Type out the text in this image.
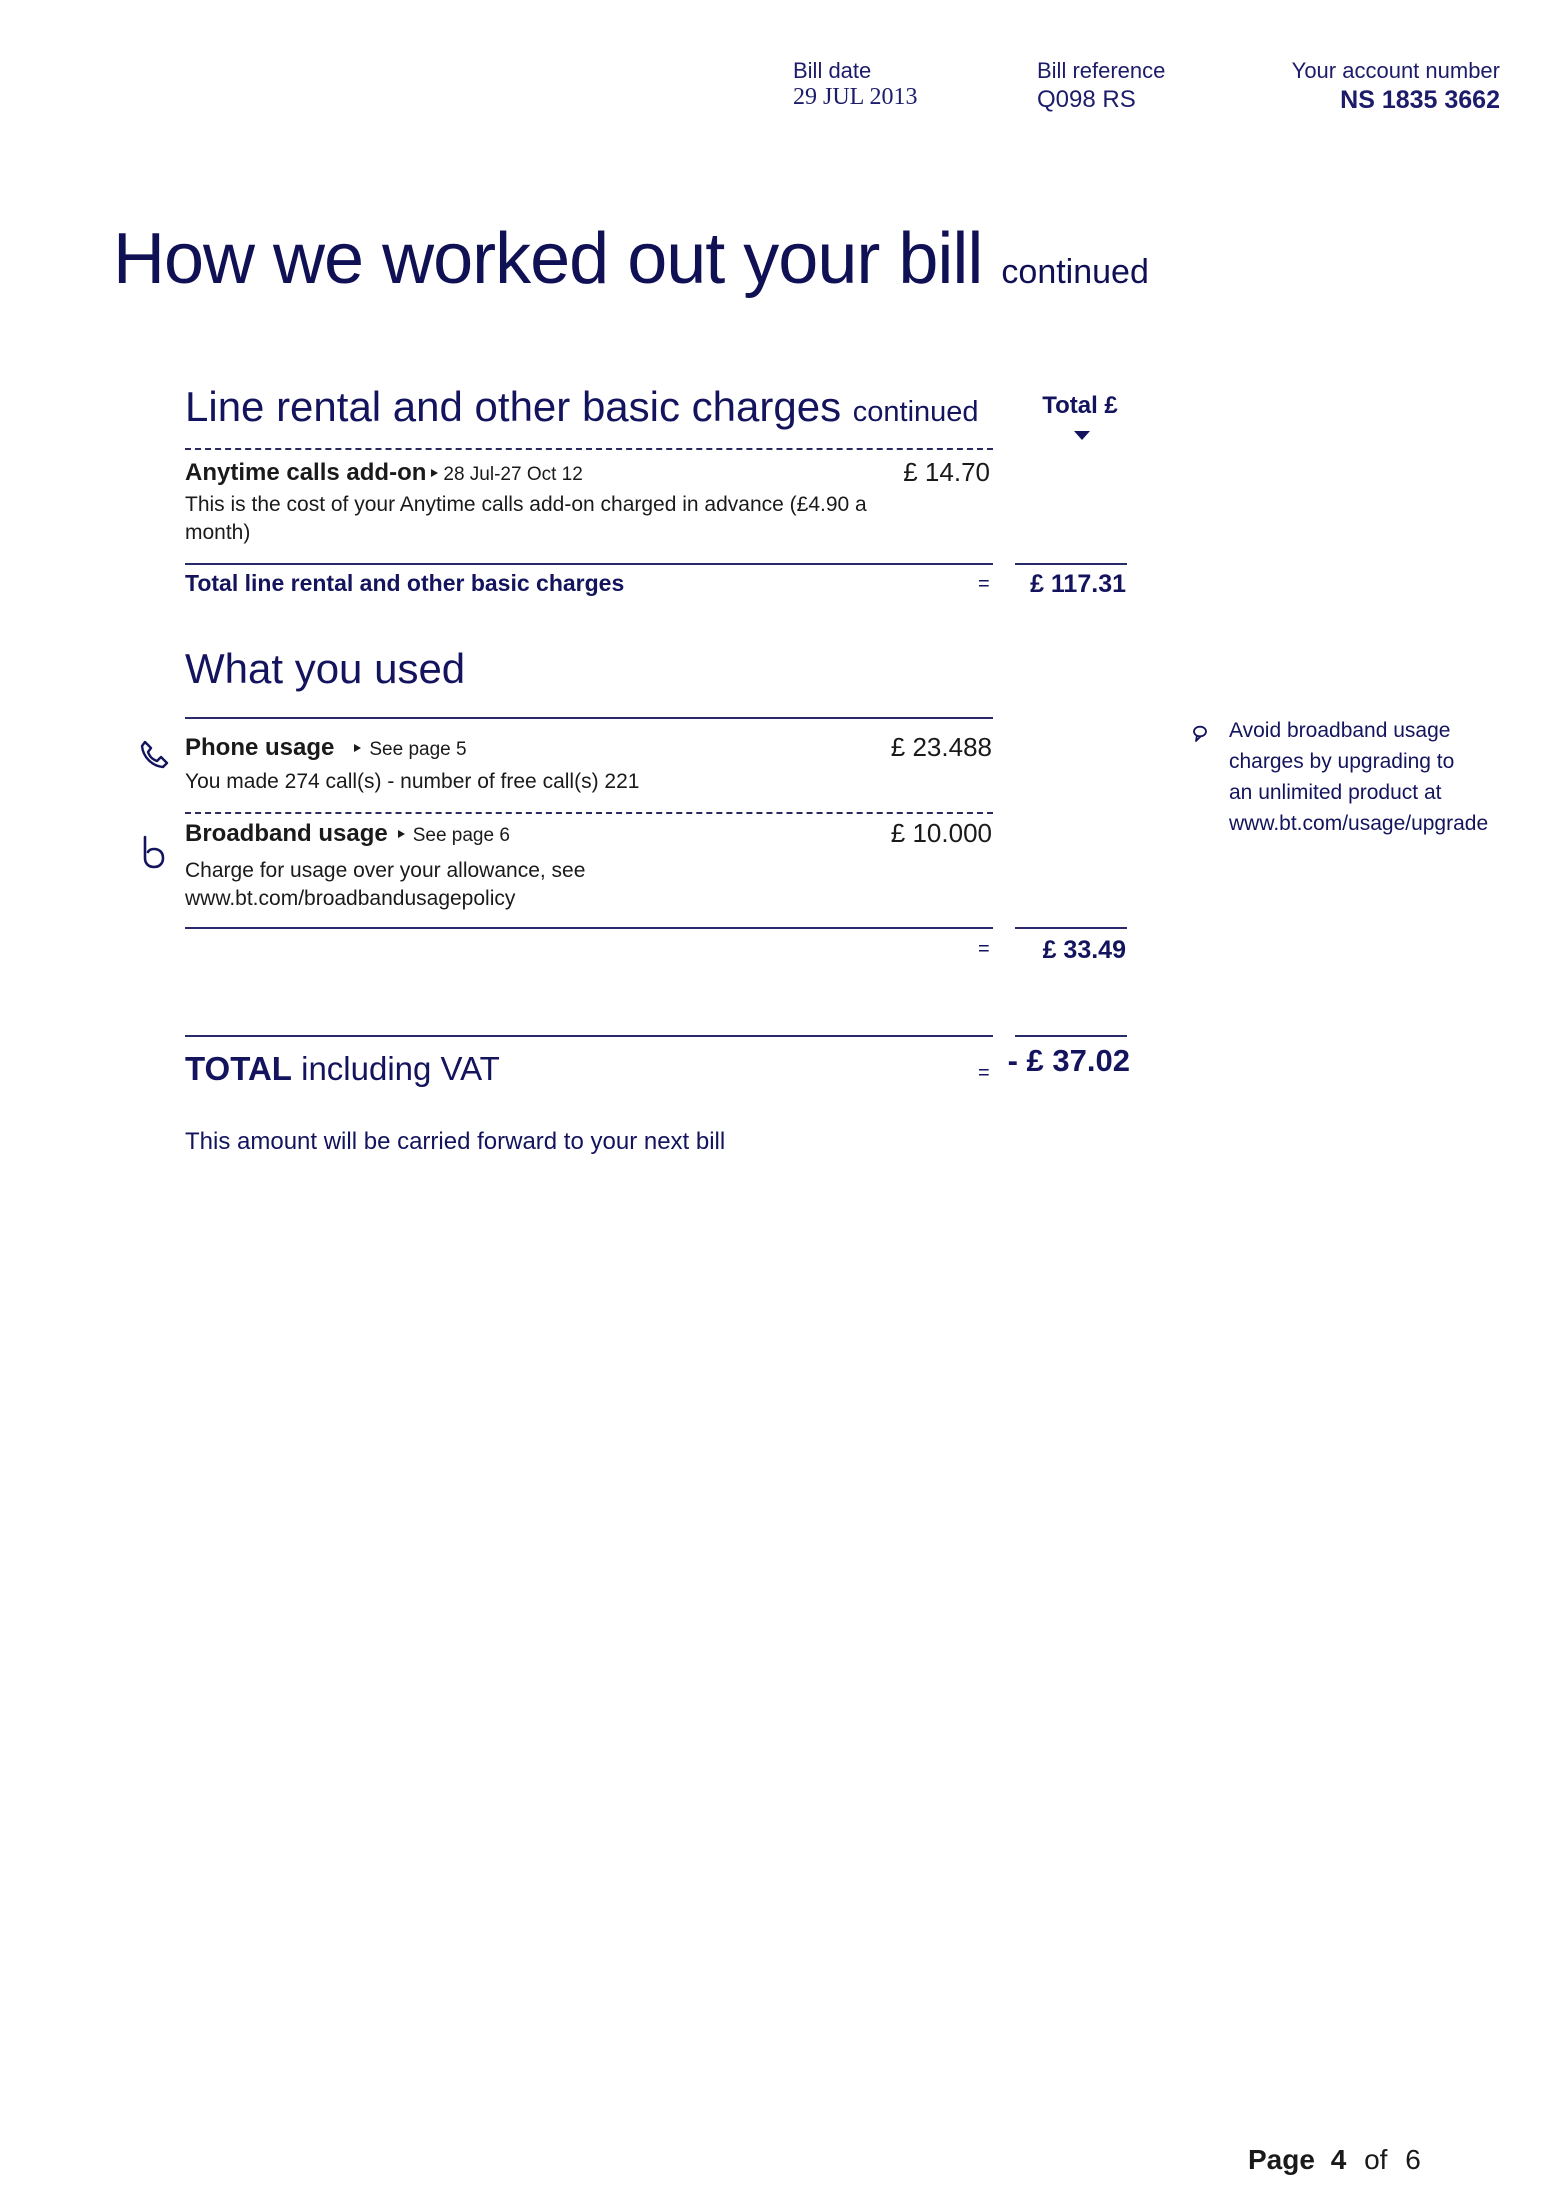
Bill date
29 JUL 2013
Bill reference
Q098 RS
Your account number
NS 1835 3662
How we worked out your bill continued
Line rental and other basic charges continued	Total £
Anytime calls add-on 28 Jul-27 Oct 12	£ 14.70
This is the cost of your Anytime calls add-on charged in advance (£4.90 a month)
Total line rental and other basic charges	=	£ 117.31
What you used
Phone usage See page 5	£ 23.488
You made 274 call(s) - number of free call(s) 221
Broadband usage See page 6	£ 10.000
Charge for usage over your allowance, see
www.bt.com/broadbandusagepolicy
=	£ 33.49
Avoid broadband usage
charges by upgrading to
an unlimited product at
www.bt.com/usage/upgrade
TOTAL including VAT	= - £ 37.02
This amount will be carried forward to your next bill
Page 4 of 6
